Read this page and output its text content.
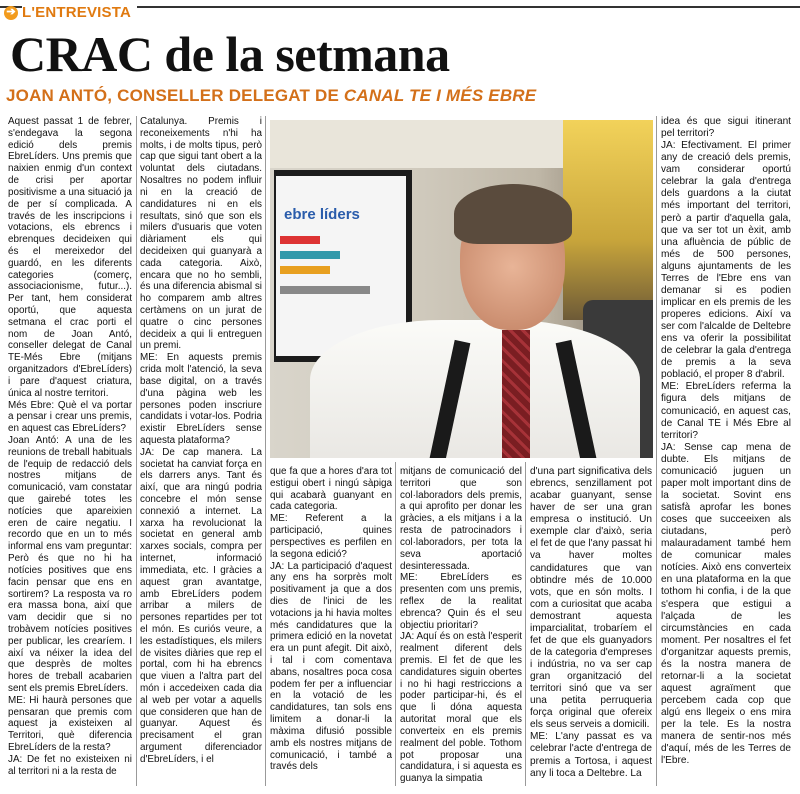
➔ L'ENTREVISTA
CRAC de la setmana
JOAN ANTÓ, CONSELLER DELEGAT DE CANAL TE I MÉS EBRE
ebre líders

Aquest passat 1 de febrer, s'endegava la segona edició dels premis EbreLíders. Uns premis que naixien enmig d'un context de crisi per aportar positivisme a una situació ja de per sí complicada. A través de les inscripcions i votacions, els ebrencs i ebrenques decideixen qui és el mereixedor del guardó, en les diferents categories (comerç, associacionisme, futur...). Per tant, hem considerat oportú, que aquesta setmana el crac porti el nom de Joan Antó, conseller delegat de Canal TE-Més Ebre (mitjans organitzadors d'EbreLíders) i pare d'aquest criatura, única al nostre territori.

Més Ebre: Què el va portar a pensar i crear uns premis, en aquest cas EbreLíders?

Joan Antó: A una de les reunions de treball habituals de l'equip de redacció dels nostres mitjans de comunicació, vam constatar que gairebé totes les notícies que apareixien eren de caire negatiu. I recordo que en un to més informal ens vam preguntar: Però és que no hi ha notícies positives que ens facin pensar que ens en sortirem? La resposta va ro era massa bona, així que vam decidir que si no trobàvem notícies positives per publicar, les crearíem. I així va néixer la idea del que desprès de moltes hores de treball acabarien sent els premis EbreLíders.

ME: Hi haurà persones que pensaran que premis com aquest ja existeixen al Territori, què diferencia EbreLíders de la resta?

JA: De fet no existeixen ni al territori ni a la resta de

Catalunya. Premis i reconeixements n'hi ha molts, i de molts tipus, però cap que sigui tant obert a la voluntat dels ciutadans. Nosaltres no podem influir ni en la creació de candidatures ni en els resultats, sinó que son els milers d'usuaris que voten diàriament els qui decideixen qui guanyarà a cada categoria. Això, encara que no ho sembli, és una diferencia abismal si ho comparem amb altres certàmens on un jurat de quatre o cinc persones decideix a qui li entreguen un premi.

ME: En aquests premis crida molt l'atenció, la seva base digital, on a través d'una pàgina web les persones poden inscriure candidats i votar-los. Podria existir EbreLíders sense aquesta plataforma?

JA: De cap manera. La societat ha canviat força en els darrers anys. Tant és així, que ara ningú podria concebre el món sense connexió a internet. La xarxa ha revolucionat la societat en general amb xarxes socials, compra per internet, informació immediata, etc. I gràcies a aquest gran avantatge, amb EbreLíders podem arribar a milers de persones repartides per tot el món. Es curiós veure, a les estadístiques, els milers de visites diàries que rep el portal, com hi ha ebrencs que viuen a l'altra part del món i accedeixen cada dia al web per votar a aquells que consideren que han de guanyar. Aquest és precisament el gran argument diferenciador d'EbreLíders, i el

que fa que a hores d'ara tot estigui obert i ningú sàpiga qui acabarà guanyant en cada categoria.

ME: Referent a la participació, quines perspectives es perfilen en la segona edició?

JA: La participació d'aquest any ens ha sorprès molt positivament ja que a dos dies de l'inici de les votacions ja hi havia moltes més candidatures que la primera edició en la novetat era un punt afegit. Dit això, i tal i com comentava abans, nosaltres poca cosa podem fer per a influenciar en la votació de les candidatures, tan sols ens limitem a donar-li la màxima difusió possible amb els nostres mitjans de comunicació, i també a través dels

mitjans de comunicació del territori que son col·laboradors dels premis, a qui aprofito per donar les gràcies, a els mitjans i a la resta de patrocinadors i col·laboradors, per tota la seva aportació desinteressada.

ME: EbreLíders es presenten com uns premis, reflex de la realitat ebrenca? Quin és el seu objectiu prioritari?

JA: Aquí és on està l'esperit realment diferent dels premis. El fet de que les candidatures siguin obertes i no hi hagi restriccions a poder participar-hi, és el que li dóna aquesta autoritat moral que els converteix en els premis realment del poble. Tothom pot proposar una candidatura, i si aquesta es guanya la simpatia

d'una part significativa dels ebrencs, senzillament pot acabar guanyant, sense haver de ser una gran empresa o institució. Un exemple clar d'això, seria el fet de que l'any passat hi va haver moltes candidatures que van obtindre més de 10.000 vots, que en són molts. I com a curiositat que acaba demostrant aquesta imparcialitat, trobaríem el fet de que els guanyadors de la categoria d'empreses i indústria, no va ser cap gran organització del territori sinó que va ser una petita perruqueria força original que ofereix els seus serveis a domicili.

ME: L'any passat es va celebrar l'acte d'entrega de premis a Tortosa, i aquest any li toca a Deltebre. La

idea és que sigui itinerant pel territori?

JA: Efectivament. El primer any de creació dels premis, vam considerar oportú celebrar la gala d'entrega dels guardons a la ciutat més important del territori, però a partir d'aquella gala, que va ser tot un èxit, amb una afluència de públic de més de 500 persones, alguns ajuntaments de les Terres de l'Ebre ens van demanar si es podien implicar en els premis de les properes edicions. Així va ser com l'alcalde de Deltebre ens va oferir la possibilitat de celebrar la gala d'entrega de premis a la seva població, el proper 8 d'abril.

ME: EbreLíders referma la figura dels mitjans de comunicació, en aquest cas, de Canal TE i Més Ebre al territori?

JA: Sense cap mena de dubte. Els mitjans de comunicació juguen un paper molt important dins de la societat. Sovint ens satisfà aprofar les bones coses que succeeixen als ciutadans, però malauradament també hem de comunicar males notícies. Això ens converteix en una plataforma en la que tothom hi confia, i de la que s'espera que estigui a l'alçada de les circumstàncies en cada moment. Per nosaltres el fet d'organitzar aquests premis, és la nostra manera de retornar-li a la societat aquest agraïment que percebem cada cop que algú ens llegeix o ens mira per la tele. Es la nostra manera de sentir-nos més d'aquí, més de les Terres de l'Ebre.
